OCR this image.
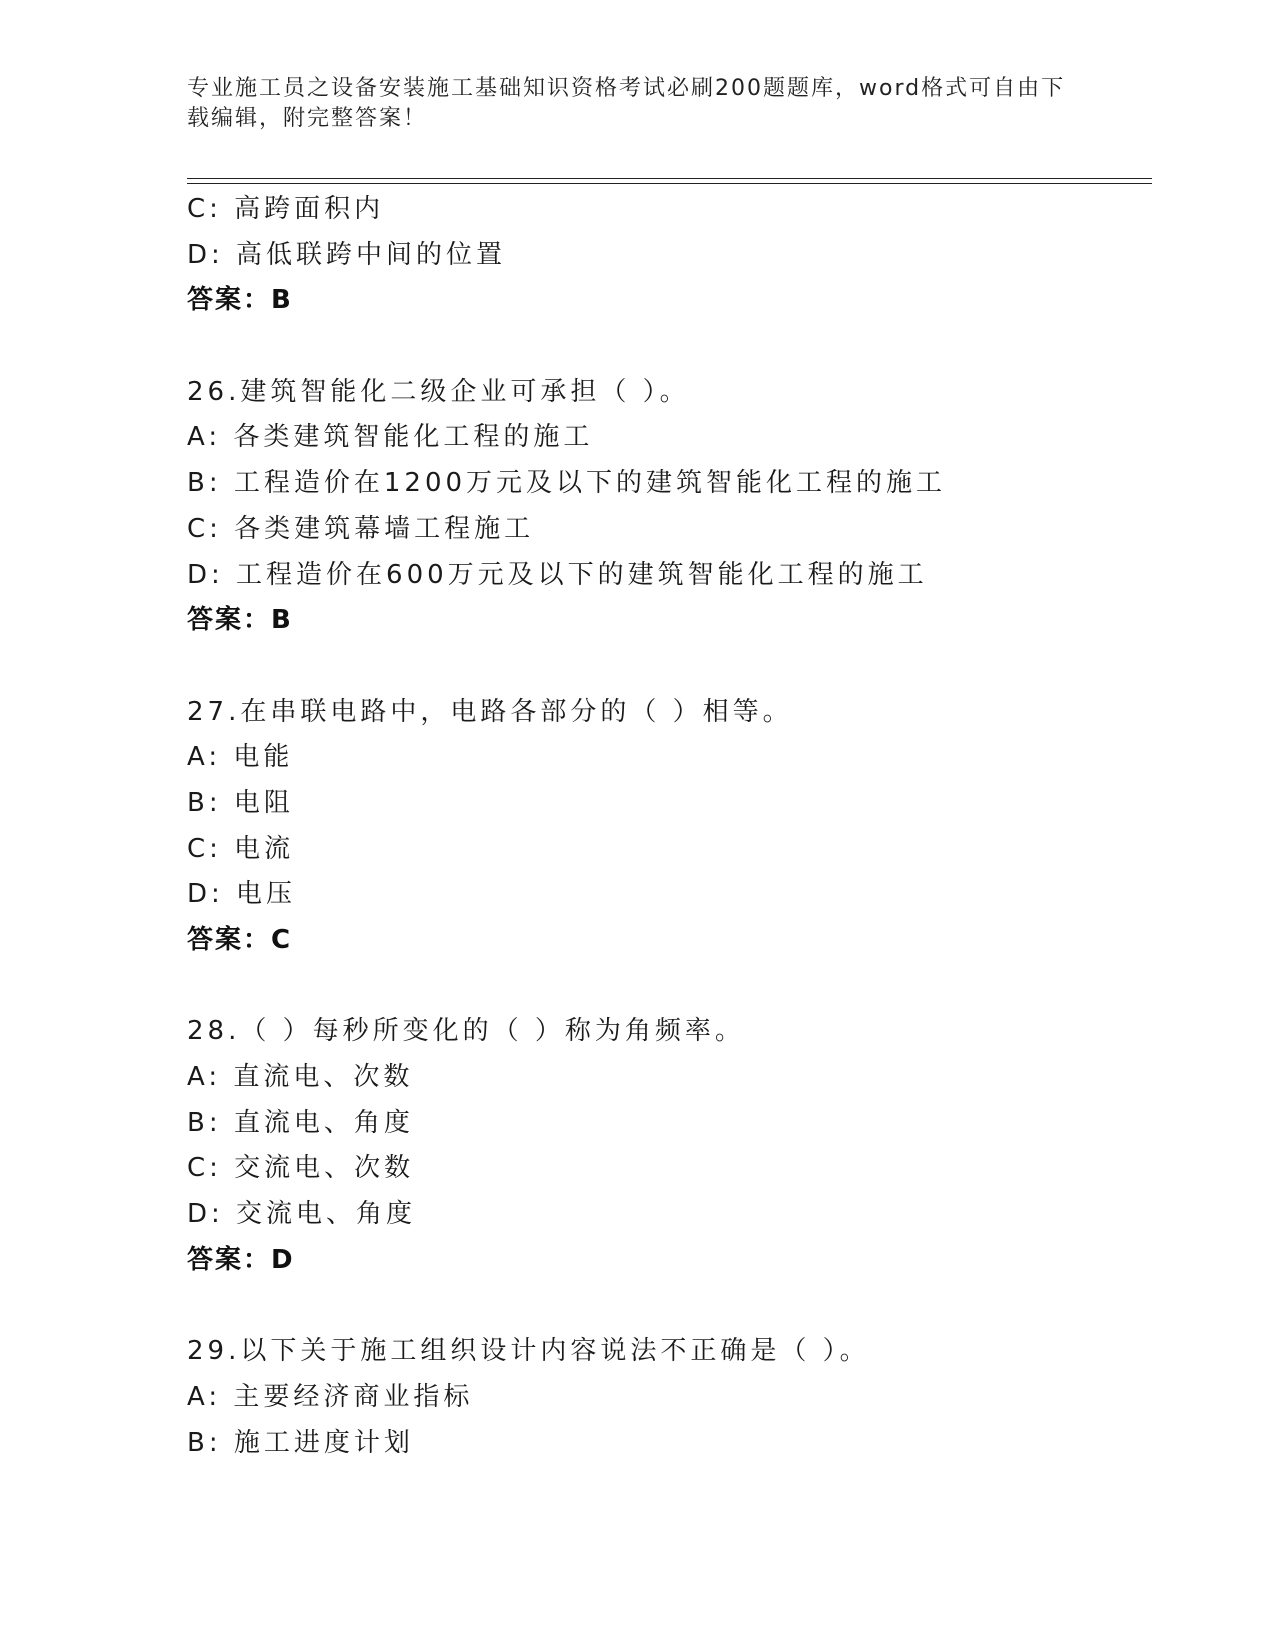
专业施工员之设备安装施工基础知识资格考试必刷200题题库，word格式可自由下载编辑，附完整答案！
C: 高跨面积内
D: 高低联跨中间的位置
答案：B
26.建筑智能化二级企业可承担（ ）。
A: 各类建筑智能化工程的施工
B: 工程造价在1200万元及以下的建筑智能化工程的施工
C: 各类建筑幕墙工程施工
D: 工程造价在600万元及以下的建筑智能化工程的施工
答案：B
27.在串联电路中，电路各部分的（ ）相等。
A: 电能
B: 电阻
C: 电流
D: 电压
答案：C
28.（ ）每秒所变化的（ ）称为角频率。
A: 直流电、次数
B: 直流电、角度
C: 交流电、次数
D: 交流电、角度
答案：D
29.以下关于施工组织设计内容说法不正确是（ ）。
A: 主要经济商业指标
B: 施工进度计划
